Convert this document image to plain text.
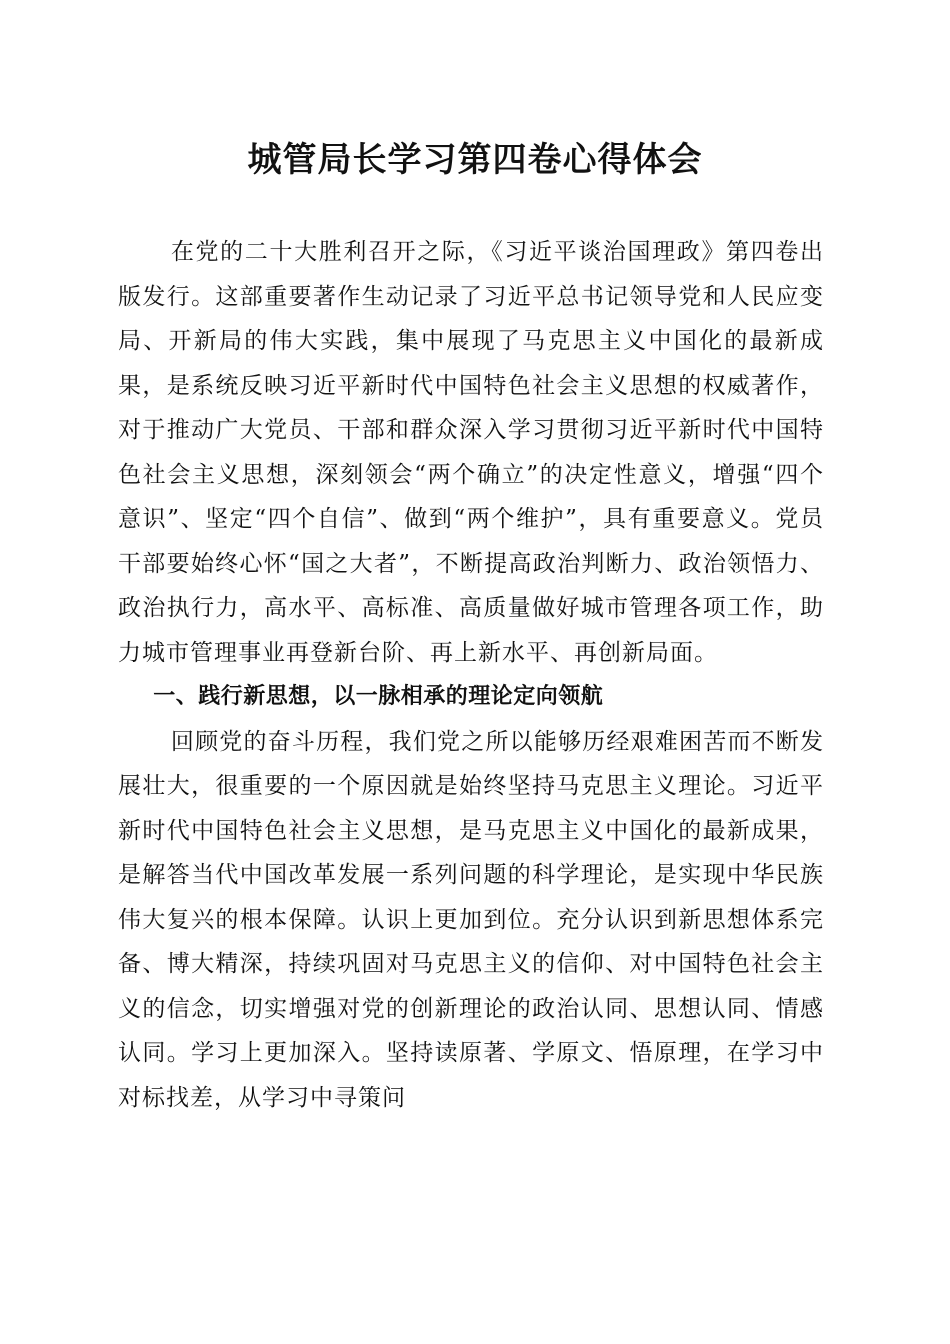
城管局长学习第四卷心得体会

在党的二十大胜利召开之际，《习近平谈治国理政》第四卷出版发行。这部重要著作生动记录了习近平总书记领导党和人民应变局、开新局的伟大实践，集中展现了马克思主义中国化的最新成果，是系统反映习近平新时代中国特色社会主义思想的权威著作，对于推动广大党员、干部和群众深入学习贯彻习近平新时代中国特色社会主义思想，深刻领会“两个确立”的决定性意义，增强“四个意识”、坚定“四个自信”、做到“两个维护”，具有重要意义。党员干部要始终心怀“国之大者”，不断提高政治判断力、政治领悟力、政治执行力，高水平、高标准、高质量做好城市管理各项工作，助力城市管理事业再登新台阶、再上新水平、再创新局面。

一、践行新思想，以一脉相承的理论定向领航

回顾党的奋斗历程，我们党之所以能够历经艰难困苦而不断发展壮大，很重要的一个原因就是始终坚持马克思主义理论。习近平新时代中国特色社会主义思想，是马克思主义中国化的最新成果，是解答当代中国改革发展一系列问题的科学理论，是实现中华民族伟大复兴的根本保障。认识上更加到位。充分认识到新思想体系完备、博大精深，持续巩固对马克思主义的信仰、对中国特色社会主义的信念，切实增强对党的创新理论的政治认同、思想认同、情感认同。学习上更加深入。坚持读原著、学原文、悟原理，在学习中对标找差，从学习中寻策问
